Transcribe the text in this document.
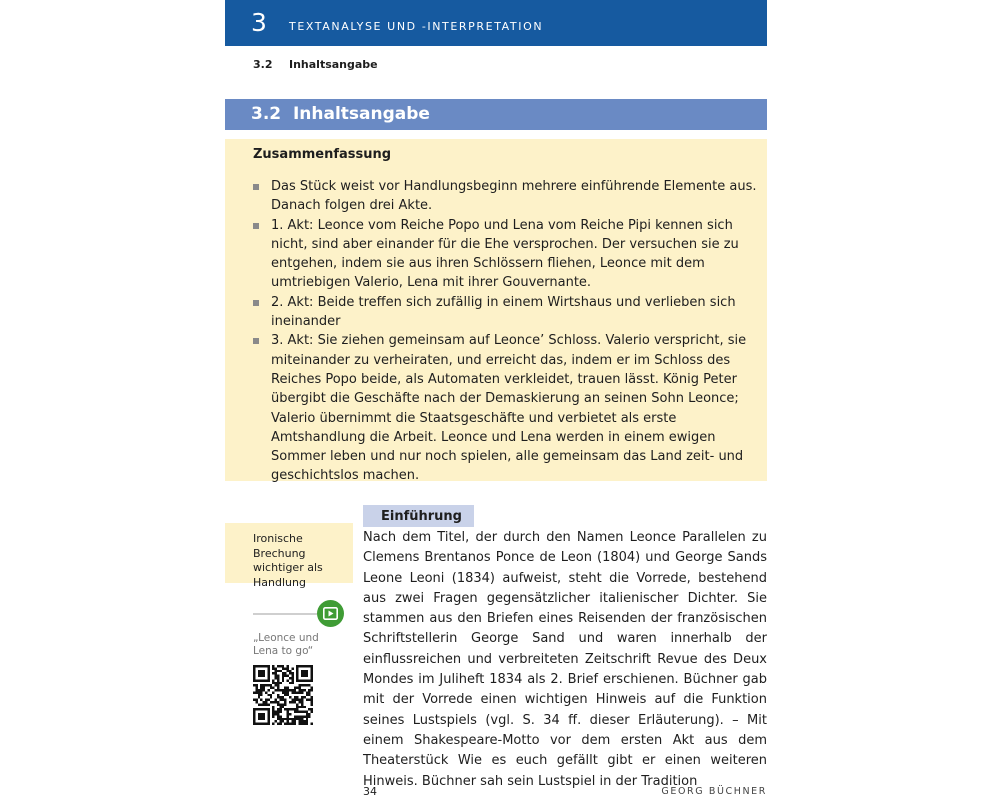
3 TEXTANALYSE UND -INTERPRETATION
3.2 Inhaltsangabe
3.2  Inhaltsangabe
Zusammenfassung
Das Stück weist vor Handlungsbeginn mehrere einführende Elemente aus. Danach folgen drei Akte.
1. Akt: Leonce vom Reiche Popo und Lena vom Reiche Pipi kennen sich nicht, sind aber einander für die Ehe versprochen. Der versuchen sie zu entgehen, indem sie aus ihren Schlössern fliehen, Leonce mit dem umtriebigen Valerio, Lena mit ihrer Gouvernante.
2. Akt: Beide treffen sich zufällig in einem Wirtshaus und verlieben sich ineinander
3. Akt: Sie ziehen gemeinsam auf Leonce’ Schloss. Valerio verspricht, sie miteinander zu verheiraten, und erreicht das, indem er im Schloss des Reiches Popo beide, als Automaten verkleidet, trauen lässt. König Peter übergibt die Geschäfte nach der Demaskierung an seinen Sohn Leonce; Valerio übernimmt die Staatsgeschäfte und verbietet als erste Amtshandlung die Arbeit. Leonce und Lena werden in einem ewigen Sommer leben und nur noch spielen, alle gemeinsam das Land zeit- und geschichtslos machen.

Ironische Brechung wichtiger als Handlung

„Leonce und Lena to go“

Einführung

Nach dem Titel, der durch den Namen Leonce Parallelen zu Clemens Brentanos Ponce de Leon (1804) und George Sands Leone Leoni (1834) aufweist, steht die Vorrede, bestehend aus zwei Fragen gegensätzlicher italienischer Dichter. Sie stammen aus den Briefen eines Reisenden der französischen Schriftstellerin George Sand und waren innerhalb der einflussreichen und verbreiteten Zeitschrift Revue des Deux Mondes im Juliheft 1834 als 2. Brief erschienen. Büchner gab mit der Vorrede einen wichtigen Hinweis auf die Funktion seines Lustspiels (vgl. S. 34 ff. dieser Erläuterung). – Mit einem Shakespeare-Motto vor dem ersten Akt aus dem Theaterstück Wie es euch gefällt gibt er einen weiteren Hinweis. Büchner sah sein Lustspiel in der Tradition

34	GEORG BÜCHNER
